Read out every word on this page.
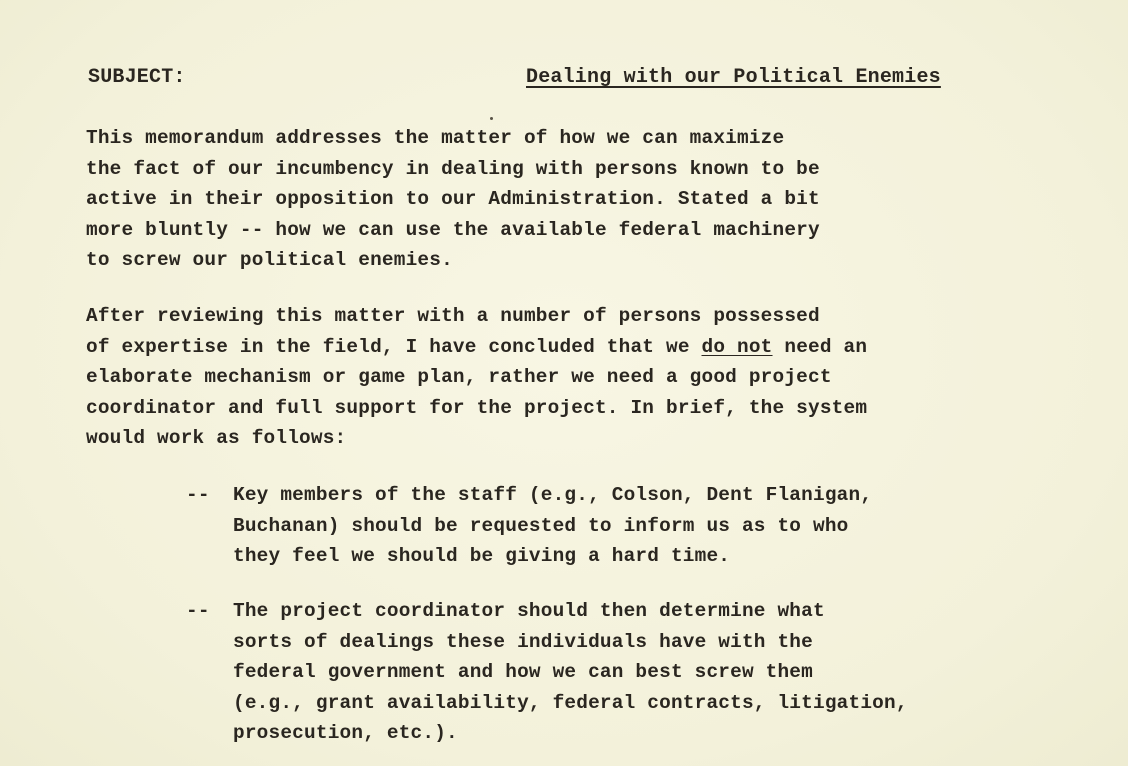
SUBJECT:	Dealing with our Political Enemies
This memorandum addresses the matter of how we can maximize
the fact of our incumbency in dealing with persons known to be
active in their opposition to our Administration. Stated a bit
more bluntly -- how we can use the available federal machinery
to screw our political enemies.
After reviewing this matter with a number of persons possessed
of expertise in the field, I have concluded that we do not need an
elaborate mechanism or game plan, rather we need a good project
coordinator and full support for the project. In brief, the system
would work as follows:
--	Key members of the staff (e.g., Colson, Dent Flanigan,
Buchanan) should be requested to inform us as to who
they feel we should be giving a hard time.
--	The project coordinator should then determine what
sorts of dealings these individuals have with the
federal government and how we can best screw them
(e.g., grant availability, federal contracts, litigation,
prosecution, etc.).
